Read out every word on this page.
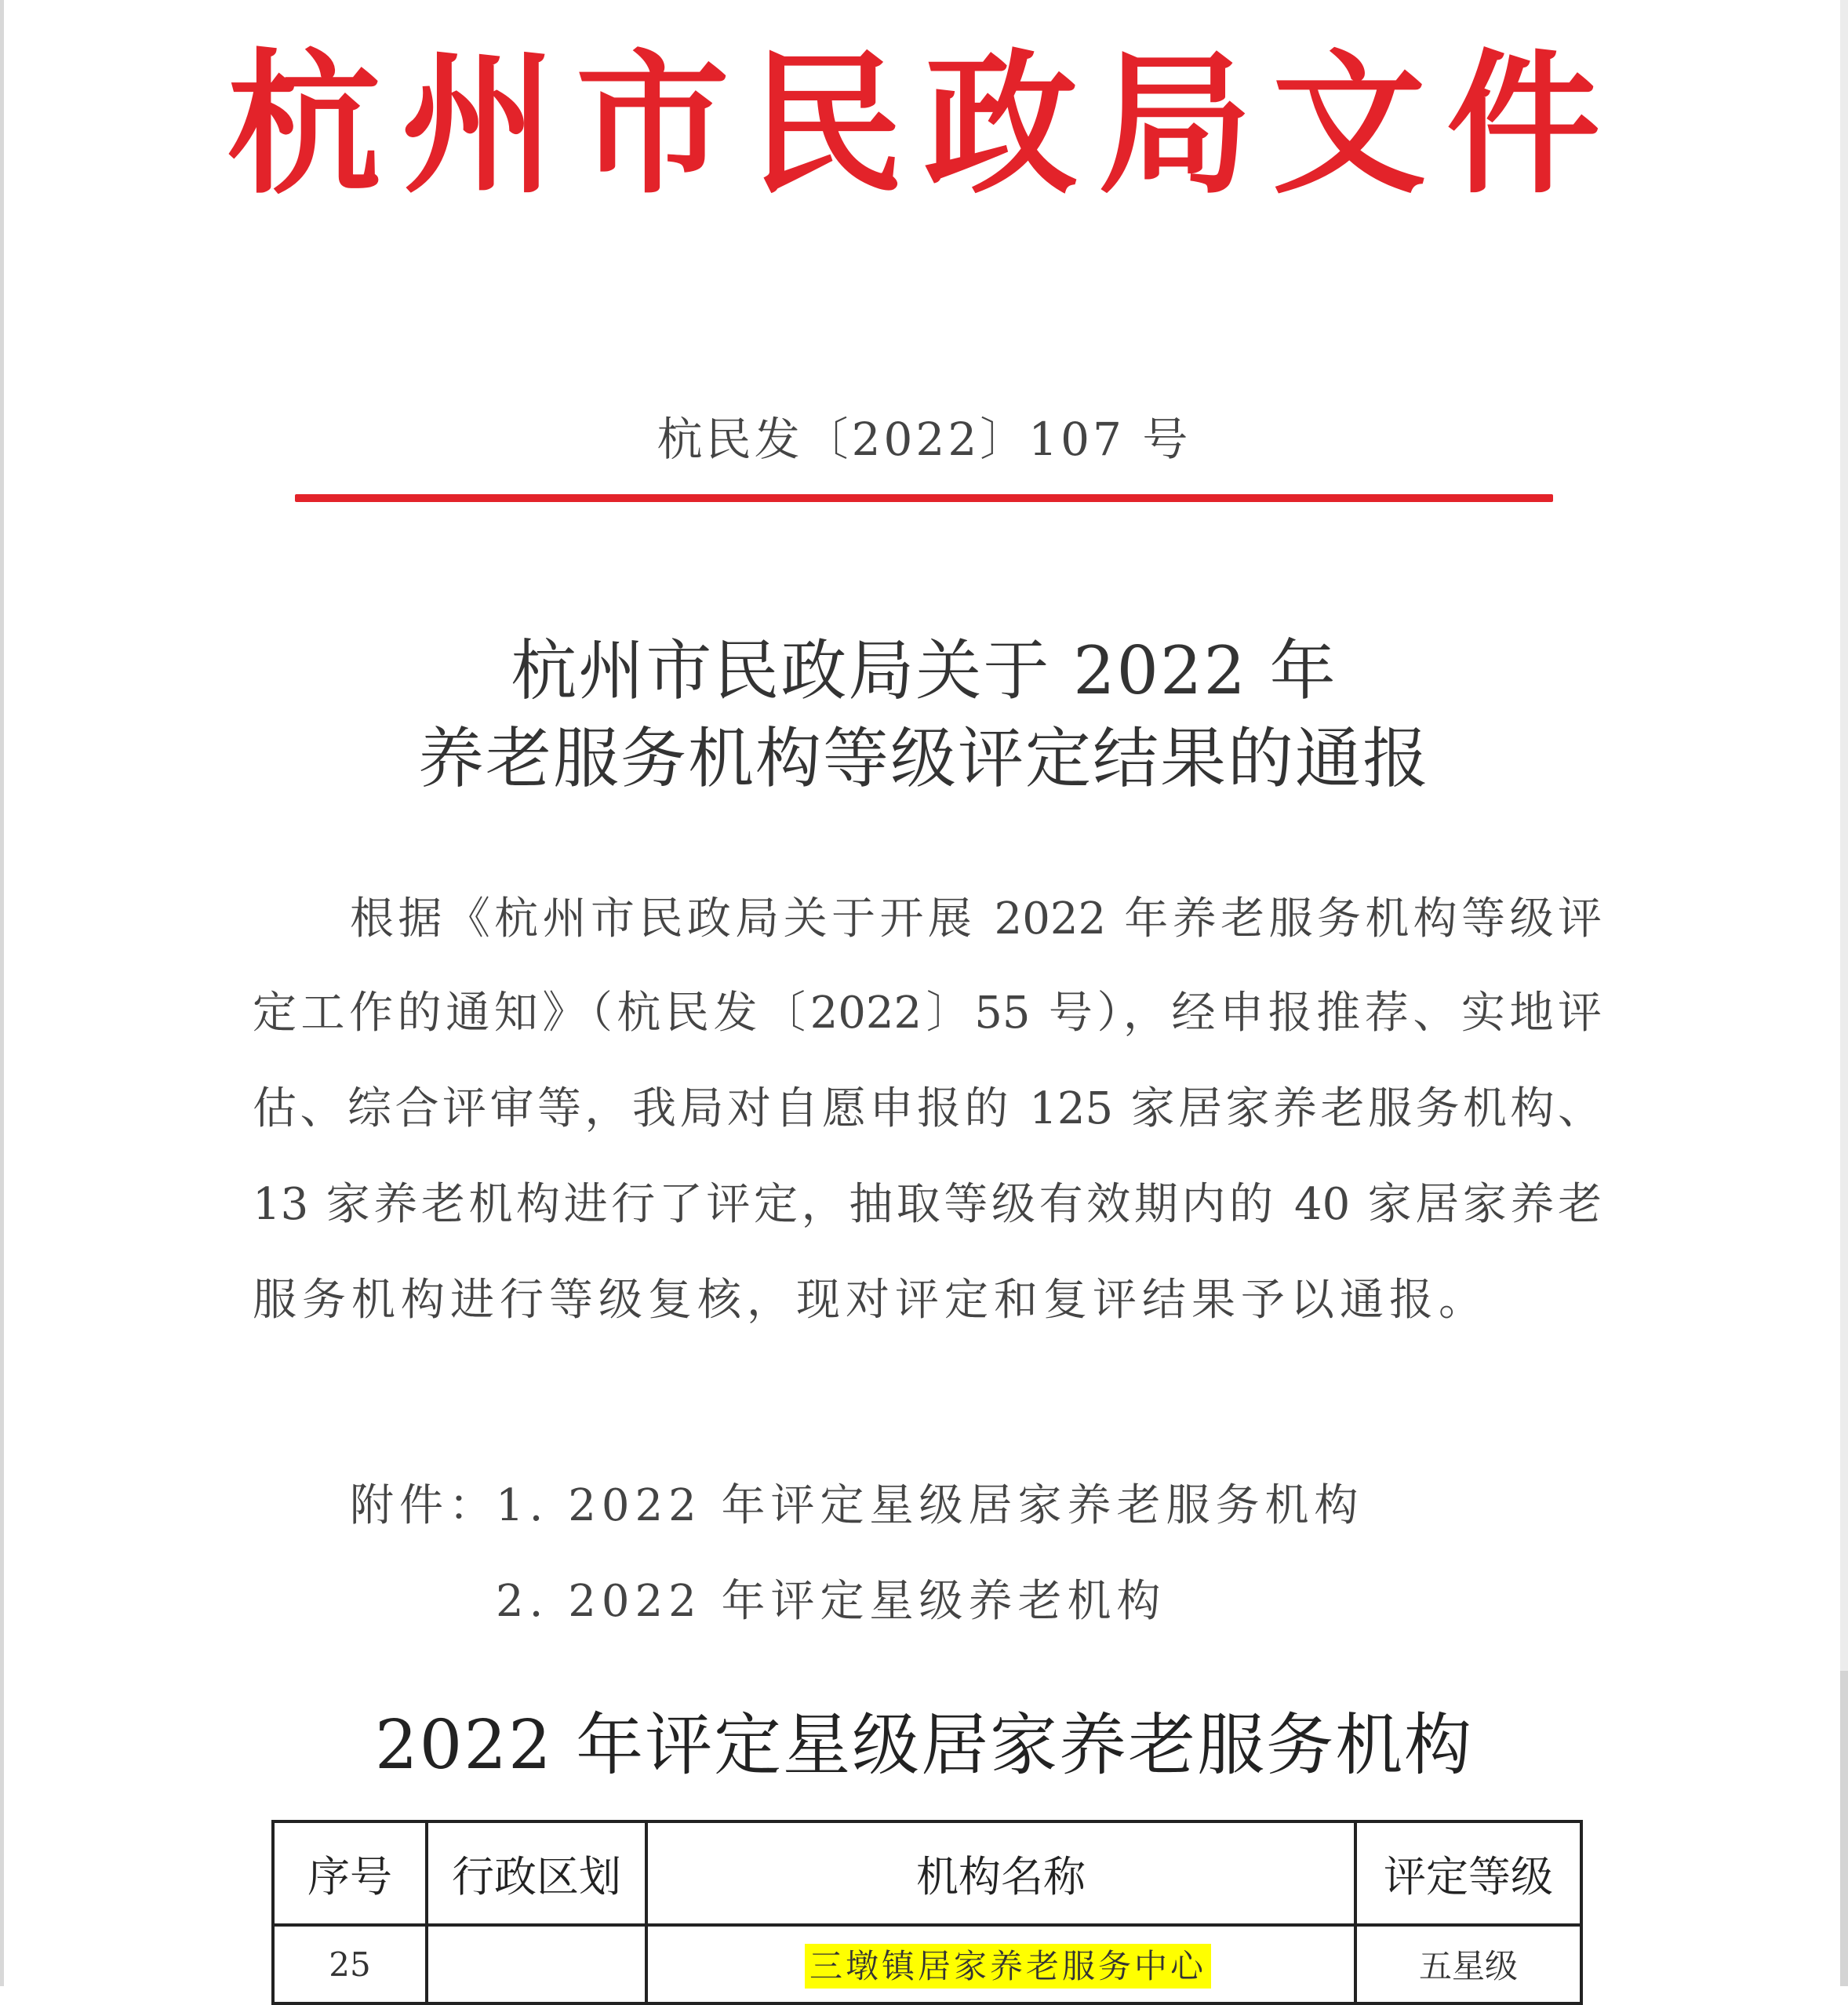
杭州市民政局文件
杭民发〔2022〕107 号
杭州市民政局关于 2022 年
养老服务机构等级评定结果的通报
根据《杭州市民政局关于开展 2022 年养老服务机构等级评
定工作的通知》（杭民发〔2022〕55 号），经申报推荐、实地评
估、综合评审等，我局对自愿申报的 125 家居家养老服务机构、
13 家养老机构进行了评定，抽取等级有效期内的 40 家居家养老
服务机构进行等级复核，现对评定和复评结果予以通报。
附件：
1. 2022 年评定星级居家养老服务机构
2. 2022 年评定星级养老机构
2022 年评定星级居家养老服务机构
序号	行政区划	机构名称	评定等级
25		三墩镇居家养老服务中心	五星级
